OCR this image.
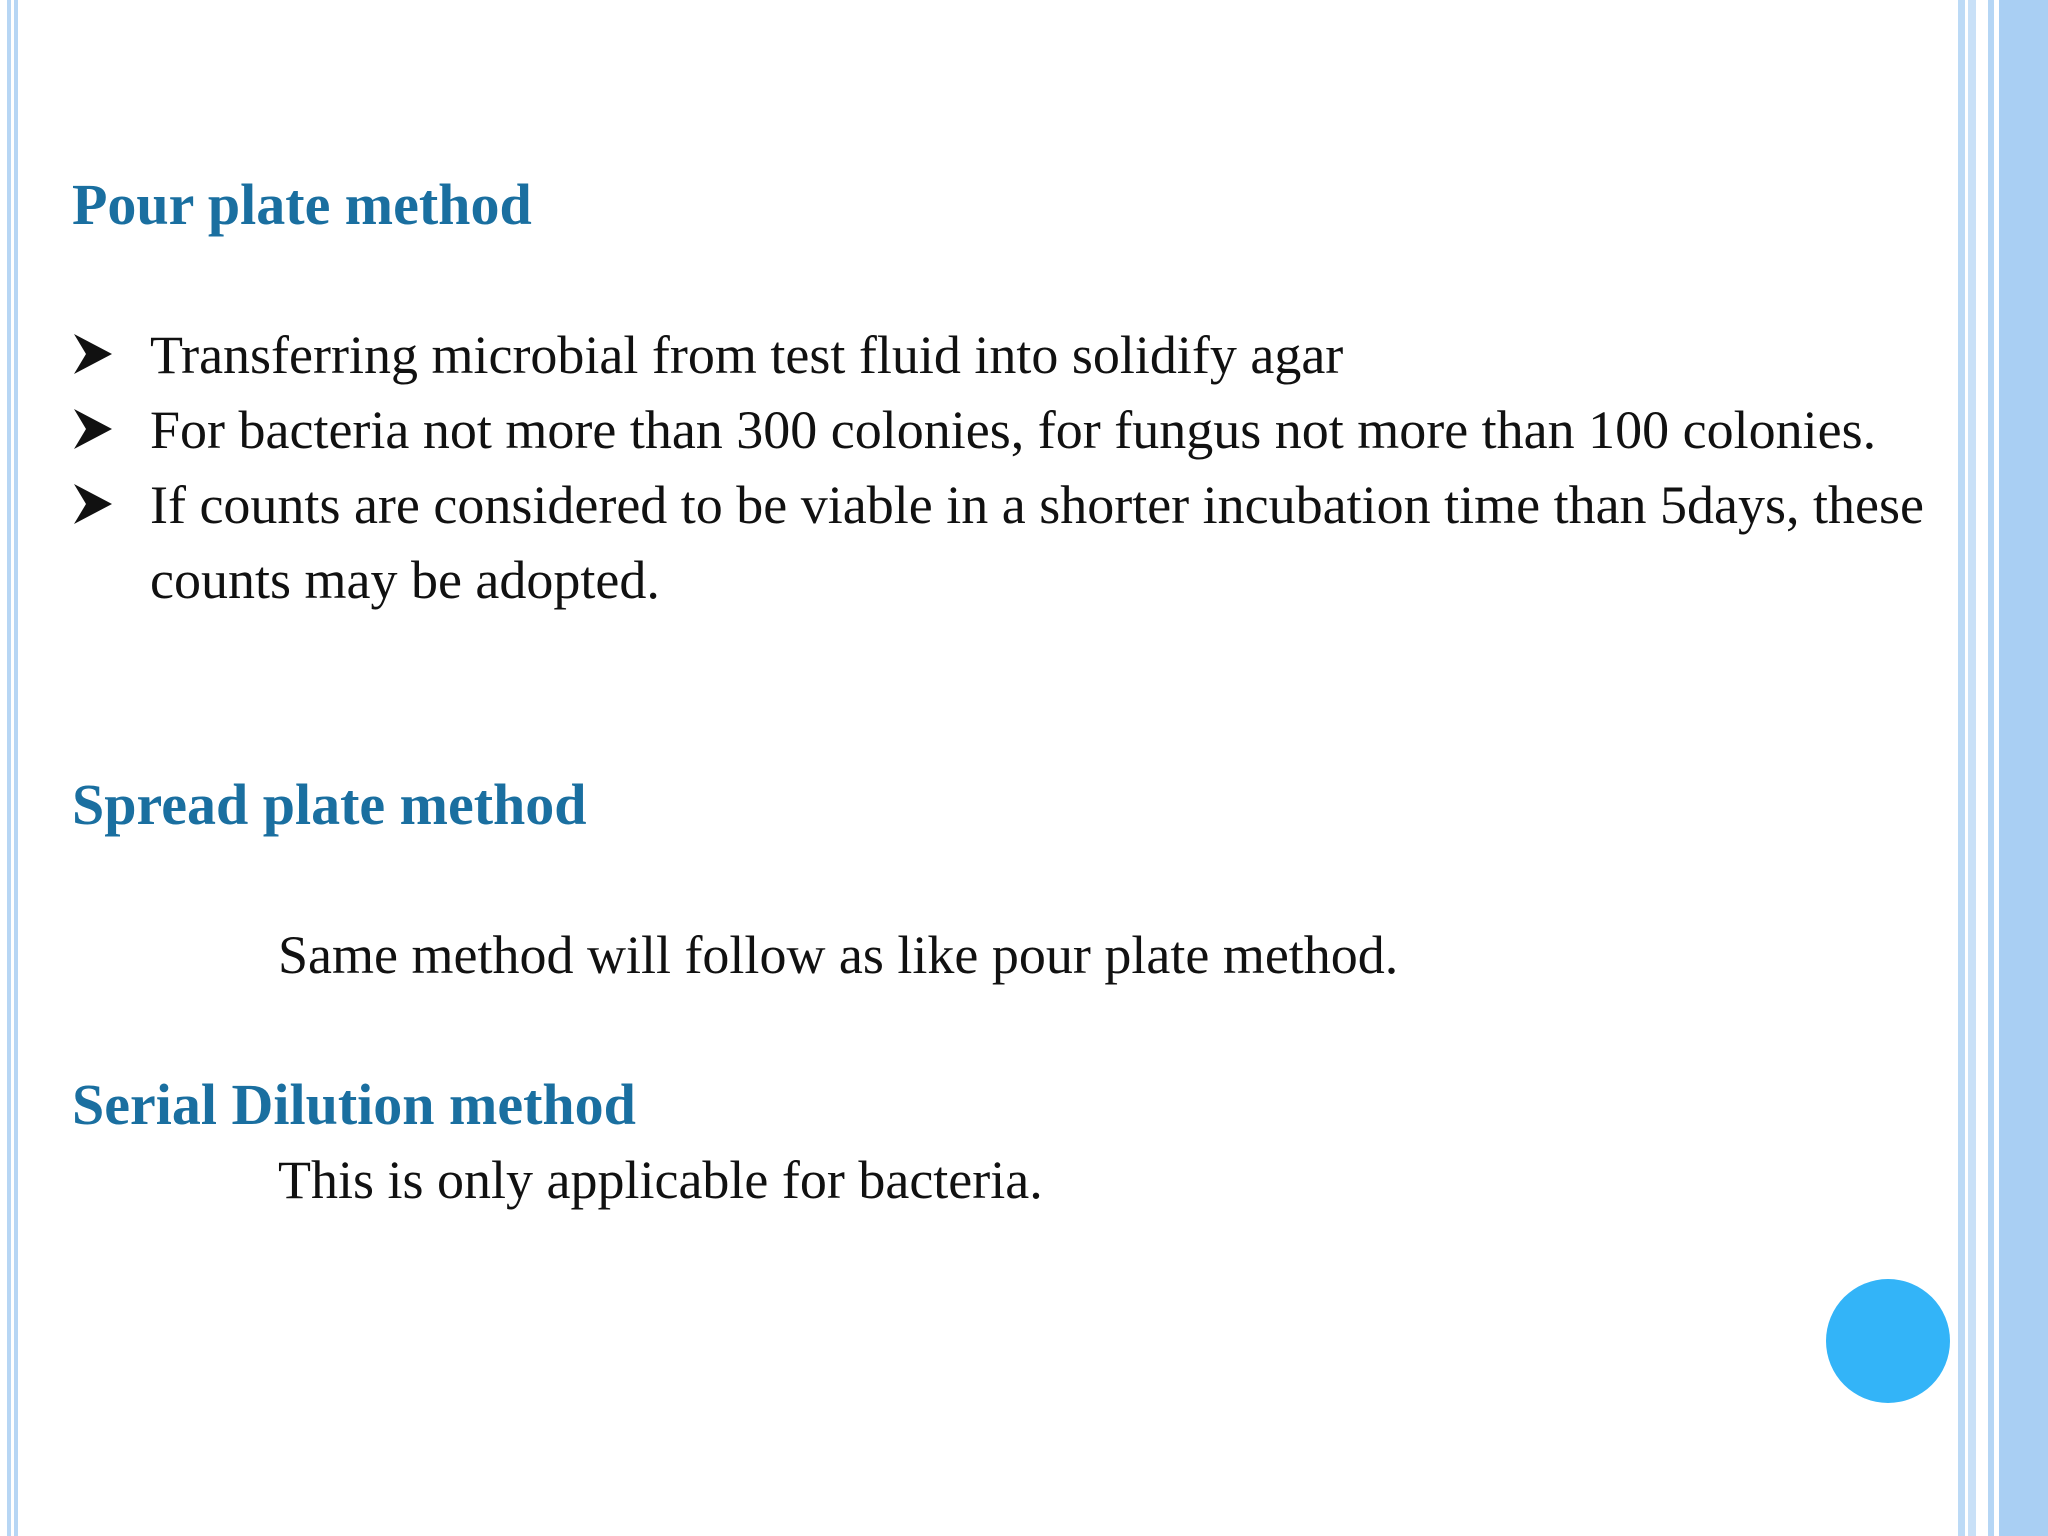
Pour plate method
Transferring microbial from test fluid into solidify agar
For bacteria not more than 300 colonies, for fungus not more than 100 colonies.
If counts are considered to be viable in a shorter incubation time than 5days, these counts may be adopted.
Spread plate method
Same method will follow as like pour plate method.
Serial Dilution method
This is only applicable for bacteria.
